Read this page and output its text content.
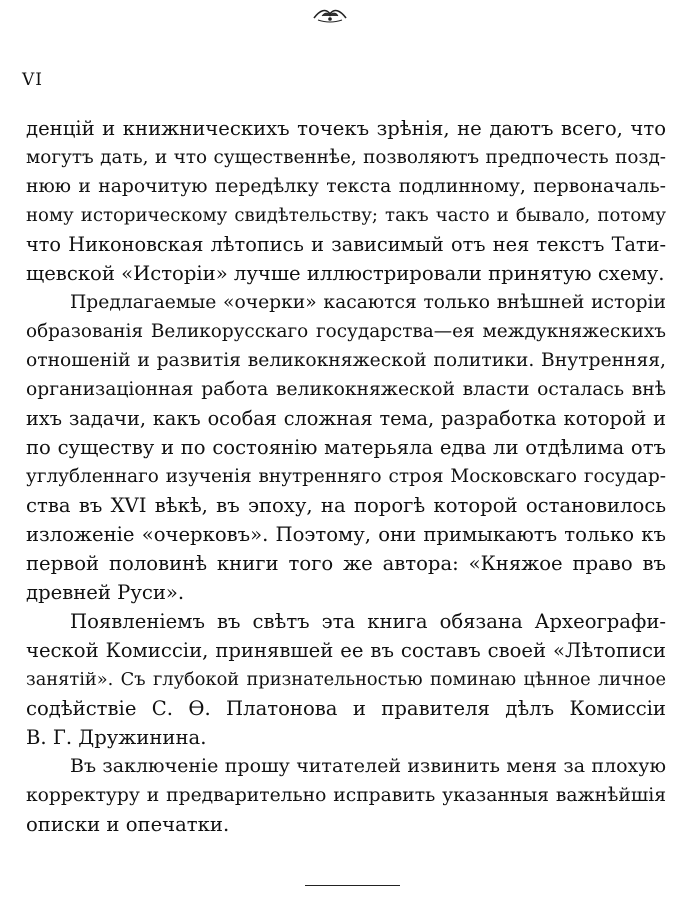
VI
денцій и книжническихъ точекъ зрѣнія, не даютъ всего, что
могутъ дать, и что существеннѣе, позволяютъ предпочесть позд-
нюю и нарочитую передѣлку текста подлинному, первоначаль-
ному историческому свидѣтельству; такъ часто и бывало, потому
что Никоновская лѣтопись и зависимый отъ нея текстъ Тати-
щевской «Исторіи» лучше иллюстрировали принятую схему.
Предлагаемые «очерки» касаются только внѣшней исторіи
образованія Великорусскаго государства—ея междукняжескихъ
отношеній и развитія великокняжеской политики. Внутренняя,
организаціонная работа великокняжеской власти осталась внѣ
ихъ задачи, какъ особая сложная тема, разработка которой и
по существу и по состоянію матерьяла едва ли отдѣлима отъ
углубленнаго изученія внутренняго строя Московскаго государ-
ства въ XVI вѣкѣ, въ эпоху, на порогѣ которой остановилось
изложеніе «очерковъ». Поэтому, они примыкаютъ только къ
первой половинѣ книги того же автора: «Княжое право въ
древней Руси».
Появленіемъ въ свѣтъ эта книга обязана Археографи-
ческой Комиссіи, принявшей ее въ составъ своей «Лѣтописи
занятій». Съ глубокой признательностью поминаю цѣнное личное
содѣйствіе С. Ѳ. Платонова и правителя дѣлъ Комиссіи
В. Г. Дружинина.
Въ заключеніе прошу читателей извинить меня за плохую
корректуру и предварительно исправить указанныя важнѣйшія
описки и опечатки.
